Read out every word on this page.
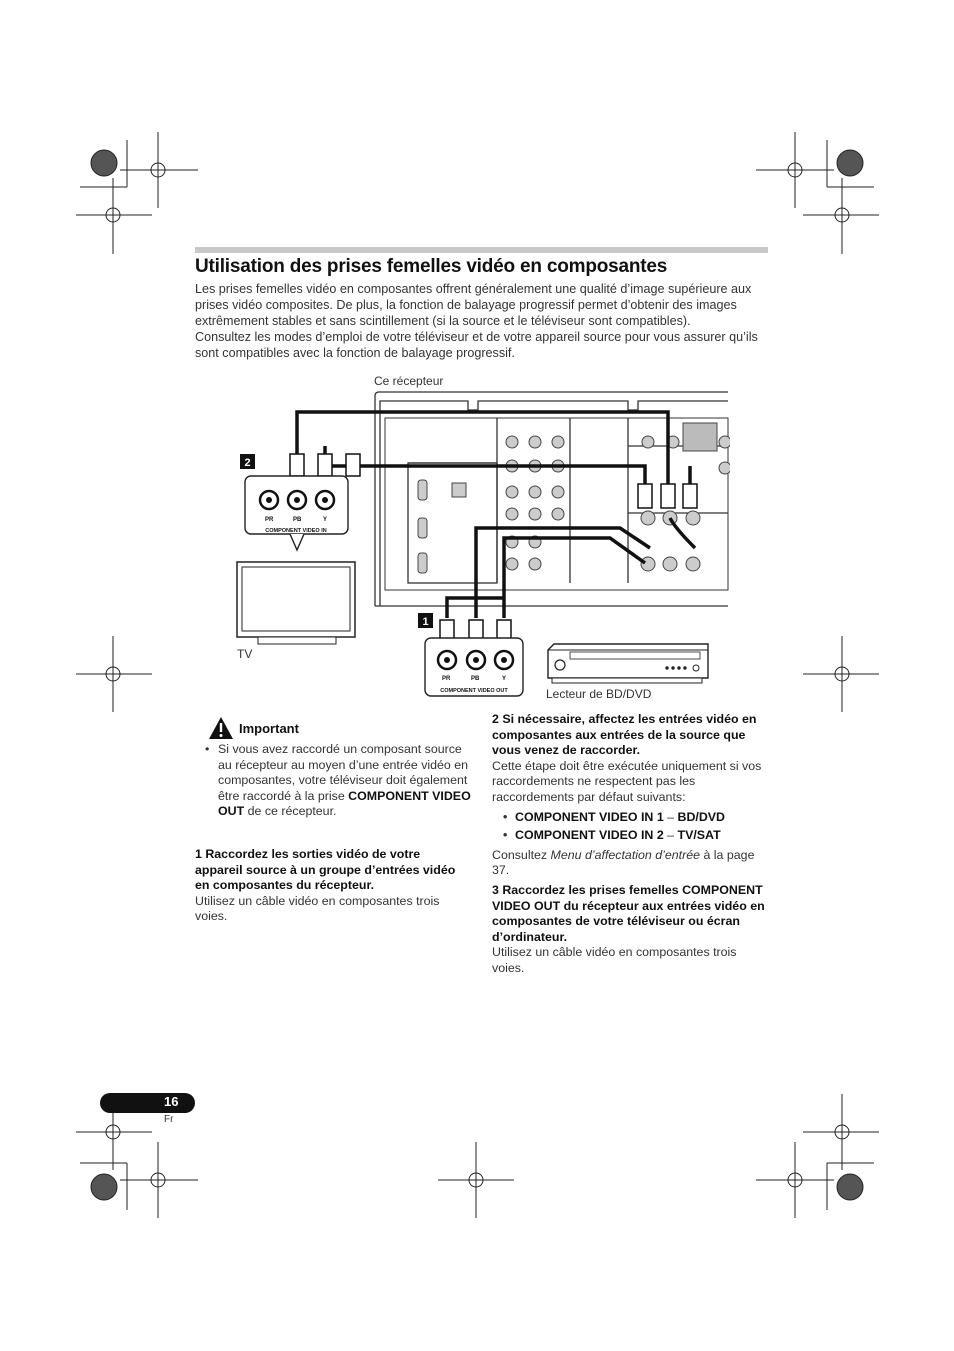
Utilisation des prises femelles vidéo en composantes

Les prises femelles vidéo en composantes offrent généralement une qualité d’image supérieure aux prises vidéo composites. De plus, la fonction de balayage progressif permet d’obtenir des images extrêmement stables et sans scintillement (si la source et le téléviseur sont compatibles).

Consultez les modes d’emploi de votre téléviseur et de votre appareil source pour vous assurer qu’ils sont compatibles avec la fonction de balayage progressif.

Ce récepteur
PR	PB	Y
COMPONENT VIDEO IN
2
PR	PB	Y
COMPONENT VIDEO OUT
1
TV
Lecteur de BD/DVD
Important
• Si vous avez raccordé un composant source au récepteur au moyen d’une entrée vidéo en composantes, votre téléviseur doit également être raccordé à la prise COMPONENT VIDEO OUT de ce récepteur.

1 Raccordez les sorties vidéo de votre appareil source à un groupe d’entrées vidéo en composantes du récepteur.

Utilisez un câble vidéo en composantes trois voies.

2 Si nécessaire, affectez les entrées vidéo en composantes aux entrées de la source que vous venez de raccorder.

Cette étape doit être exécutée uniquement si vos raccordements ne respectent pas les raccordements par défaut suivants:

• COMPONENT VIDEO IN 1 – BD/DVD
• COMPONENT VIDEO IN 2 – TV/SAT

Consultez Menu d’affectation d’entrée à la page 37.

3 Raccordez les prises femelles COMPONENT VIDEO OUT du récepteur aux entrées vidéo en composantes de votre téléviseur ou écran d’ordinateur.

Utilisez un câble vidéo en composantes trois voies.

16
Fr
